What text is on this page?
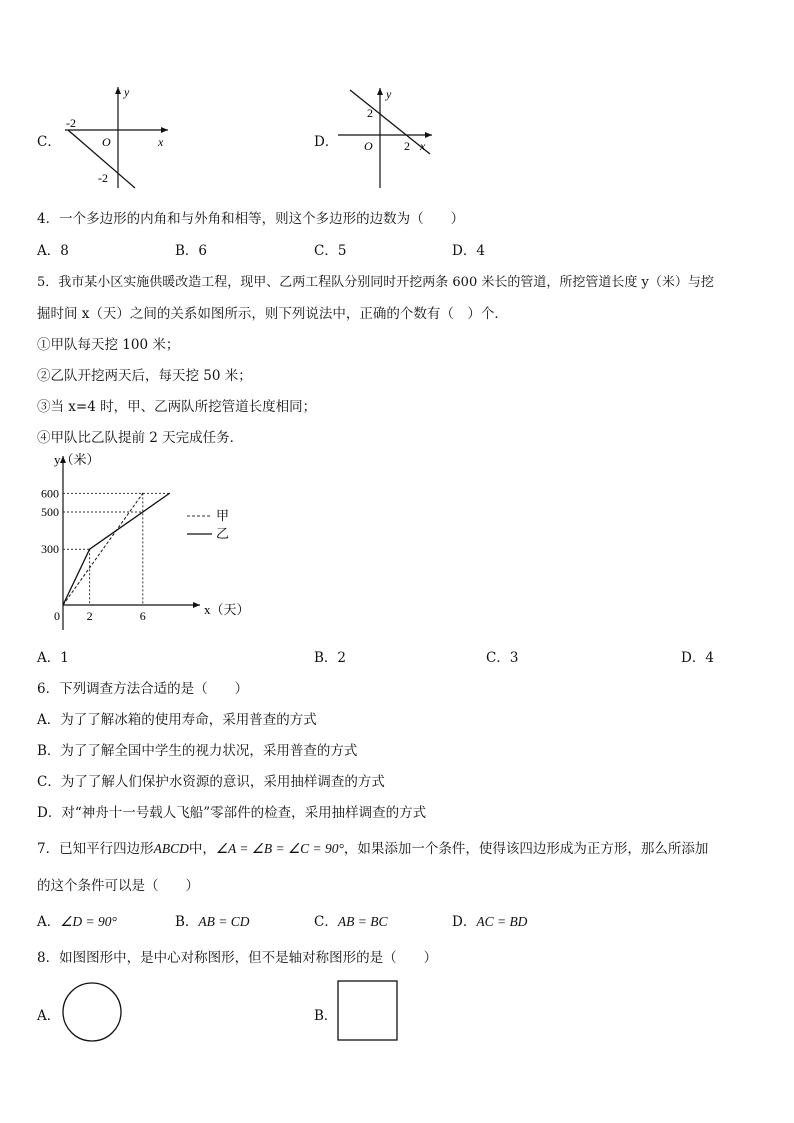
C．
y
x
O
-2
-2
D．
y
x
O	2
2
4．一个多边形的内角和与外角和相等，则这个多边形的边数为（　　）
A．8	B．6	C．5	D．4
5．我市某小区实施供暖改造工程，现甲、乙两工程队分别同时开挖两条 600 米长的管道，所挖管道长度 y（米）与挖
掘时间 x（天）之间的关系如图所示，则下列说法中，正确的个数有（　）个．
①甲队每天挖 100 米；
②乙队开挖两天后，每天挖 50 米；
③当 x=4 时，甲、乙两队所挖管道长度相同；
④甲队比乙队提前 2 天完成任务．
300
500
600
0 2	6
y（米）
x（天）
甲
乙
A．1	B．2	C．3	D．4
6．下列调查方法合适的是（　　）
A．为了了解冰箱的使用寿命，采用普查的方式
B．为了了解全国中学生的视力状况，采用普查的方式
C．为了了解人们保护水资源的意识，采用抽样调查的方式
D．对“神舟十一号载人飞船”零部件的检查，采用抽样调查的方式
7．已知平行四边形ABCD中，∠A = ∠B = ∠C = 90°，如果添加一个条件，使得该四边形成为正方形，那么所添加
的这个条件可以是（　　）
A．∠D = 90°	B．AB = CD	C．AB = BC	D．AC = BD
8．如图图形中，是中心对称图形，但不是轴对称图形的是（　　）
A．	B．
